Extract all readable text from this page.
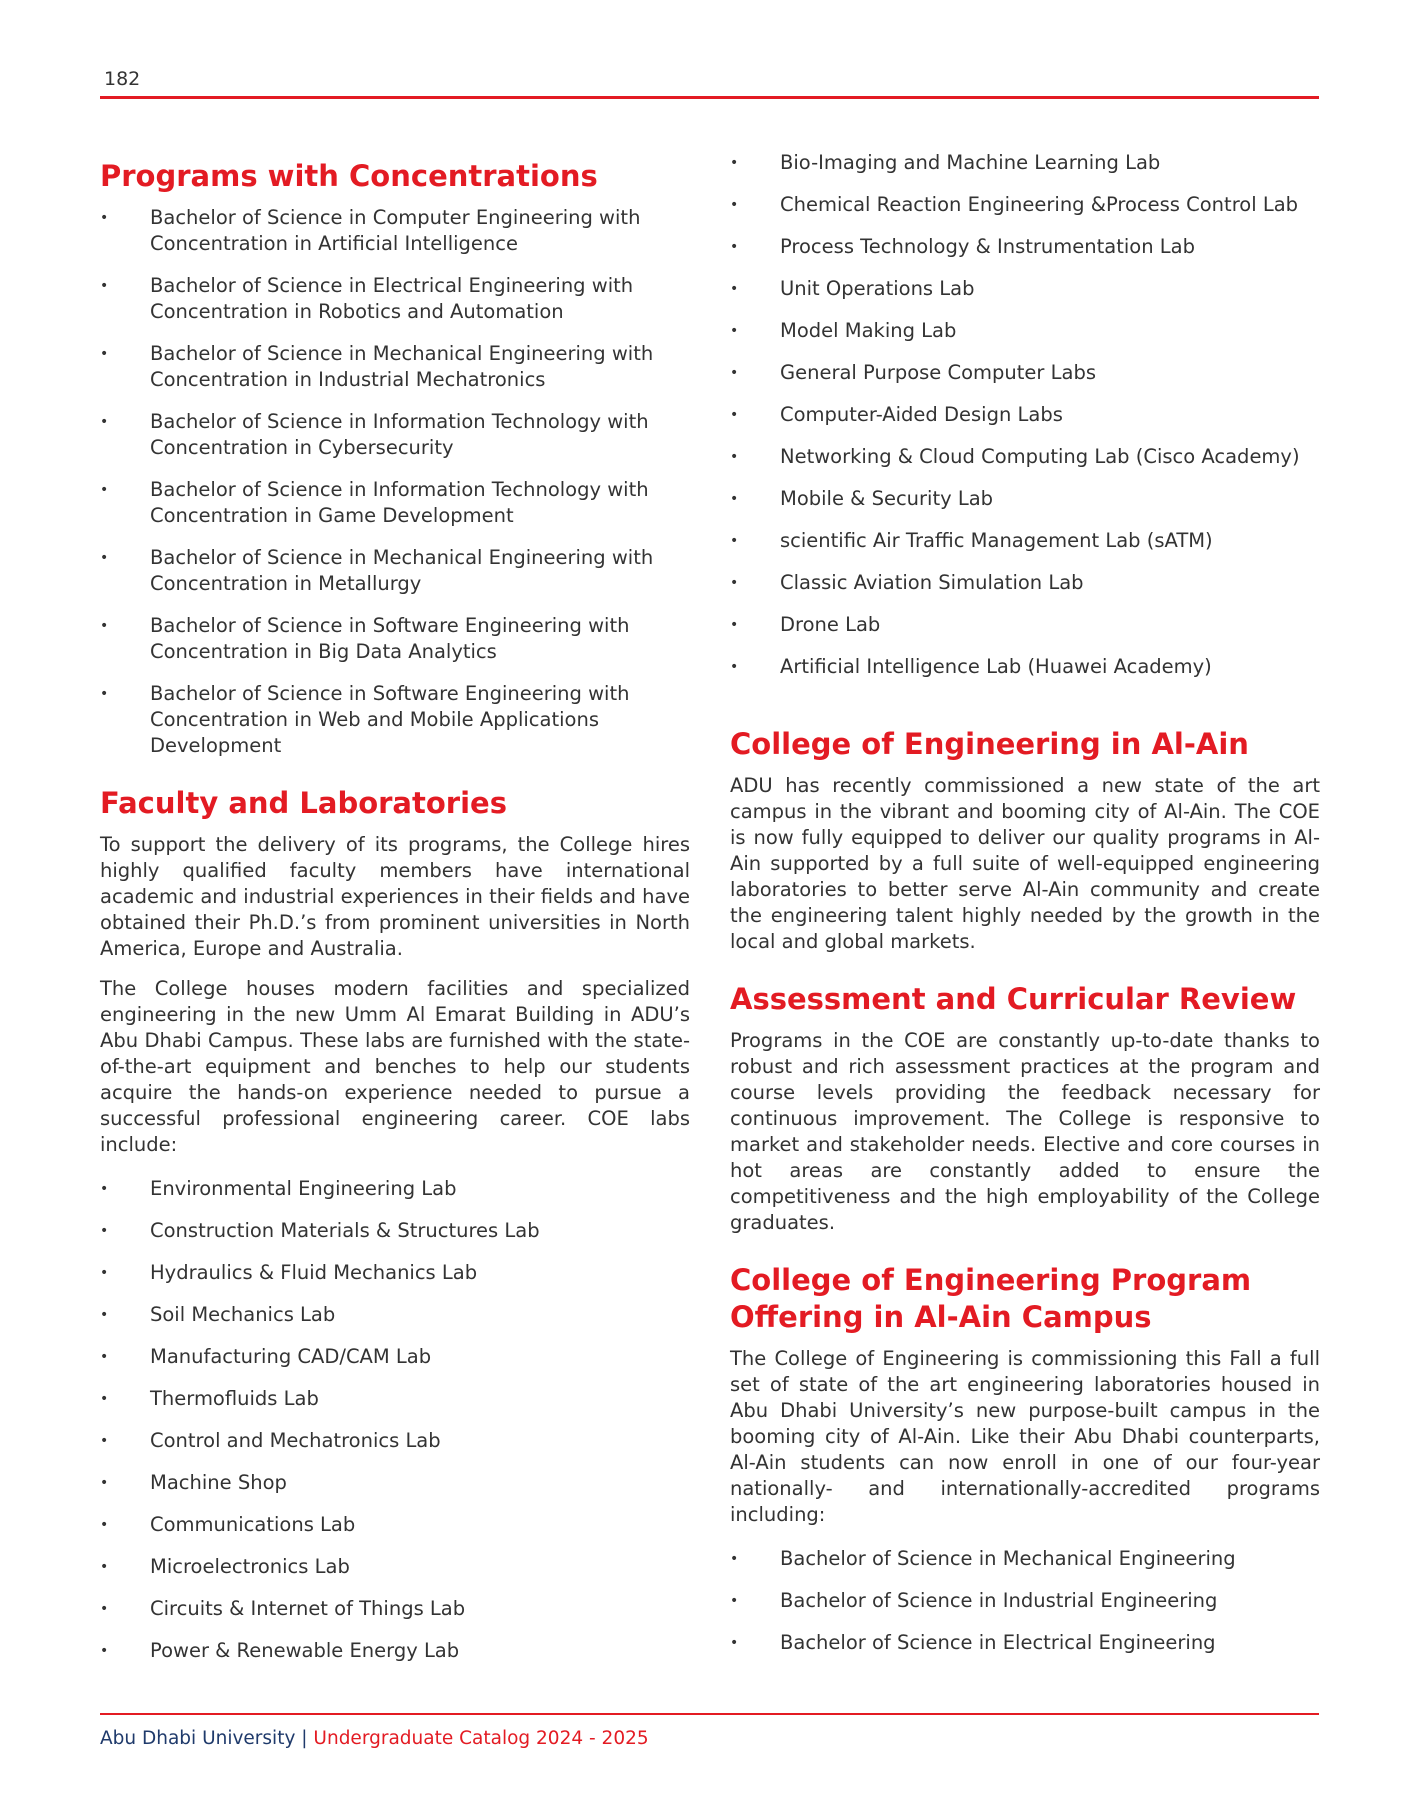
182
Programs with Concentrations
• Bachelor of Science in Computer Engineering with Concentration in Artificial Intelligence
• Bachelor of Science in Electrical Engineering with Concentration in Robotics and Automation
• Bachelor of Science in Mechanical Engineering with Concentration in Industrial Mechatronics
• Bachelor of Science in Information Technology with Concentration in Cybersecurity
• Bachelor of Science in Information Technology with Concentration in Game Development
• Bachelor of Science in Mechanical Engineering with Concentration in Metallurgy
• Bachelor of Science in Software Engineering with Concentration in Big Data Analytics
• Bachelor of Science in Software Engineering with Concentration in Web and Mobile Applications Development
Faculty and Laboratories

To support the delivery of its programs, the College hires highly qualified faculty members have international academic and industrial experiences in their fields and have obtained their Ph.D.’s from prominent universities in North America, Europe and Australia.

The College houses modern facilities and specialized engineering in the new Umm Al Emarat Building in ADU’s Abu Dhabi Campus. These labs are furnished with the state-of-the-art equipment and benches to help our students acquire the hands-on experience needed to pursue a successful professional engineering career. COE labs include:

• Environmental Engineering Lab
• Construction Materials & Structures Lab
• Hydraulics & Fluid Mechanics Lab
• Soil Mechanics Lab
• Manufacturing CAD/CAM Lab
• Thermofluids Lab
• Control and Mechatronics Lab
• Machine Shop
• Communications Lab
• Microelectronics Lab
• Circuits & Internet of Things Lab
• Power & Renewable Energy Lab
• Bio-Imaging and Machine Learning Lab
• Chemical Reaction Engineering &Process Control Lab
• Process Technology & Instrumentation Lab
• Unit Operations Lab
• Model Making Lab
• General Purpose Computer Labs
• Computer-Aided Design Labs
• Networking & Cloud Computing Lab (Cisco Academy)
• Mobile & Security Lab
• scientific Air Traffic Management Lab (sATM)
• Classic Aviation Simulation Lab
• Drone Lab
• Artificial Intelligence Lab (Huawei Academy)
College of Engineering in Al-Ain

ADU has recently commissioned a new state of the art campus in the vibrant and booming city of Al-Ain. The COE is now fully equipped to deliver our quality programs in Al-Ain supported by a full suite of well-equipped engineering laboratories to better serve Al-Ain community and create the engineering talent highly needed by the growth in the local and global markets.

Assessment and Curricular Review

Programs in the COE are constantly up-to-date thanks to robust and rich assessment practices at the program and course levels providing the feedback necessary for continuous improvement. The College is responsive to market and stakeholder needs. Elective and core courses in hot areas are constantly added to ensure the competitiveness and the high employability of the College graduates.

College of Engineering Program Offering in Al-Ain Campus

The College of Engineering is commissioning this Fall a full set of state of the art engineering laboratories housed in Abu Dhabi University’s new purpose-built campus in the booming city of Al-Ain. Like their Abu Dhabi counterparts, Al-Ain students can now enroll in one of our four-year nationally- and internationally-accredited programs including:

• Bachelor of Science in Mechanical Engineering
• Bachelor of Science in Industrial Engineering
• Bachelor of Science in Electrical Engineering
Abu Dhabi University | Undergraduate Catalog 2024 - 2025
